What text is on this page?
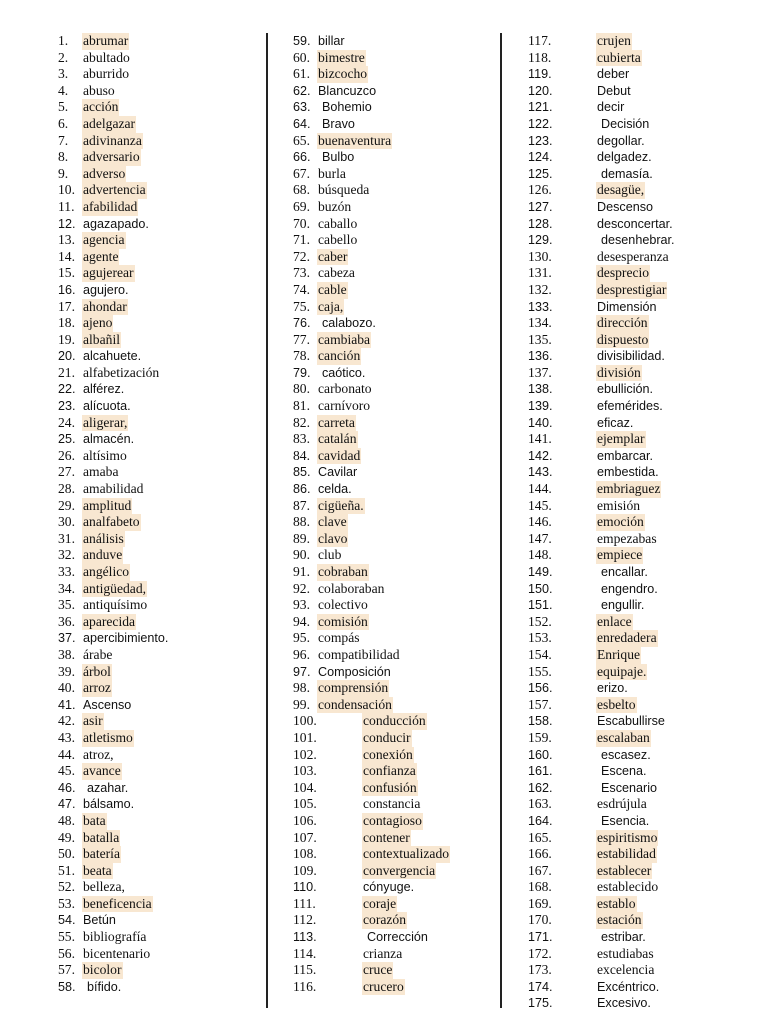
1. abrumar
2. abultado
3. aburrido
4. abuso
5. acción
6. adelgazar
7. adivinanza
8. adversario
9. adverso
10. advertencia
11. afabilidad
12. agazapado.
13. agencia
14. agente
15. agujerear
16. agujero.
17. ahondar
18. ajeno
19. albañil
20. alcahuete.
21. alfabetización
22. alférez.
23. alícuota.
24. aligerar,
25. almacén.
26. altísimo
27. amaba
28. amabilidad
29. amplitud
30. analfabeto
31. análisis
32. anduve
33. angélico
34. antigüedad,
35. antiquísimo
36. aparecida
37. apercibimiento.
38. árabe
39. árbol
40. arroz
41. Ascenso
42. asir
43. atletismo
44. atroz,
45. avance
46. azahar.
47. bálsamo.
48. bata
49. batalla
50. batería
51. beata
52. belleza,
53. beneficencia
54. Betún
55. bibliografía
56. bicentenario
57. bicolor
58. bífido.
59. billar
60. bimestre
61. bizcocho
62. Blancuzco
63. Bohemio
64. Bravo
65. buenaventura
66. Bulbo
67. burla
68. búsqueda
69. buzón
70. caballo
71. cabello
72. caber
73. cabeza
74. cable
75. caja,
76. calabozo.
77. cambiaba
78. canción
79. caótico.
80. carbonato
81. carnívoro
82. carreta
83. catalán
84. cavidad
85. Cavilar
86. celda.
87. cigüeña.
88. clave
89. clavo
90. club
91. cobraban
92. colaboraban
93. colectivo
94. comisión
95. compás
96. compatibilidad
97. Composición
98. comprensión
99. condensación
100.	conducción
101.	conducir
102.	conexión
103.	confianza
104.	confusión
105.	constancia
106.	contagioso
107.	contener
108.	contextualizado
109.	convergencia
110.	cónyuge.
111.	coraje
112.	corazón
113.	Corrección
114.	crianza
115.	cruce
116.	crucero
117.	crujen
118.	cubierta
119.	deber
120.	Debut
121.	decir
122.	Decisión
123.	degollar.
124.	delgadez.
125.	demasía.
126.	desagüe,
127.	Descenso
128.	desconcertar.
129.	desenhebrar.
130.	desesperanza
131.	desprecio
132.	desprestigiar
133.	Dimensión
134.	dirección
135.	dispuesto
136.	divisibilidad.
137.	división
138.	ebullición.
139.	efemérides.
140.	eficaz.
141.	ejemplar
142.	embarcar.
143.	embestida.
144.	embriaguez
145.	emisión
146.	emoción
147.	empezabas
148.	empiece
149.	encallar.
150.	engendro.
151.	engullir.
152.	enlace
153.	enredadera
154.	Enrique
155.	equipaje.
156.	erizo.
157.	esbelto
158.	Escabullirse
159.	escalaban
160.	escasez.
161.	Escena.
162.	Escenario
163.	esdrújula
164.	Esencia.
165.	espiritismo
166.	estabilidad
167.	establecer
168.	establecido
169.	establo
170.	estación
171.	estribar.
172.	estudiabas
173.	excelencia
174.	Excéntrico.
175.	Excesivo.
